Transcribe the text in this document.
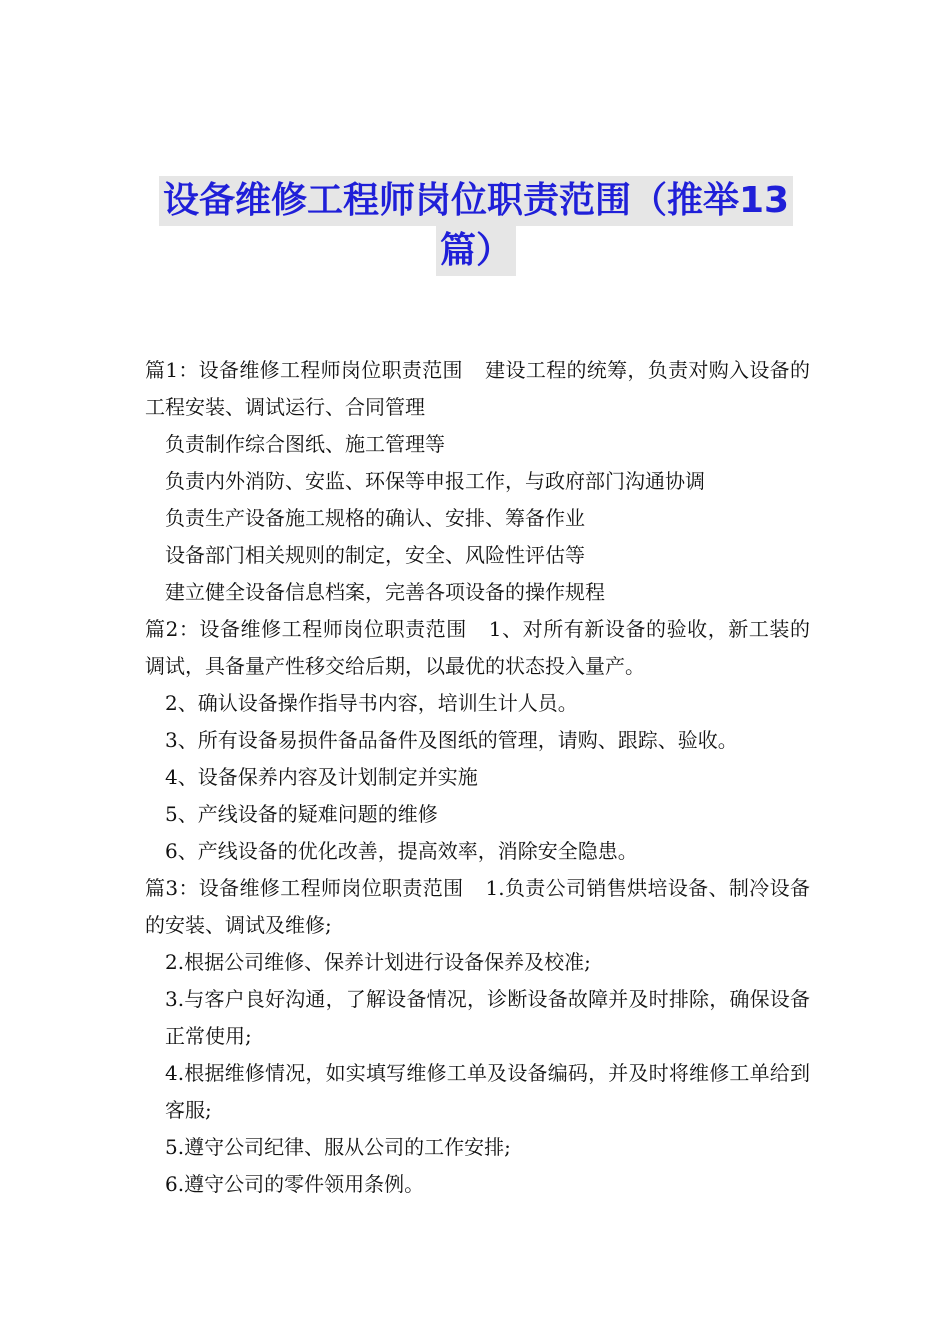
设备维修工程师岗位职责范围（推举13
篇）

篇1：设备维修工程师岗位职责范围 建设工程的统筹，负责对购入设备的工程安装、调试运行、合同管理

负责制作综合图纸、施工管理等

负责内外消防、安监、环保等申报工作，与政府部门沟通协调

负责生产设备施工规格的确认、安排、筹备作业

设备部门相关规则的制定，安全、风险性评估等

建立健全设备信息档案，完善各项设备的操作规程

篇2：设备维修工程师岗位职责范围 1、对所有新设备的验收，新工装的调试，具备量产性移交给后期，以最优的状态投入量产。

2、确认设备操作指导书内容，培训生计人员。

3、所有设备易损件备品备件及图纸的管理，请购、跟踪、验收。

4、设备保养内容及计划制定并实施

5、产线设备的疑难问题的维修

6、产线设备的优化改善，提高效率，消除安全隐患。

篇3：设备维修工程师岗位职责范围 1.负责公司销售烘培设备、制冷设备的安装、调试及维修;

2.根据公司维修、保养计划进行设备保养及校准;

3.与客户良好沟通，了解设备情况，诊断设备故障并及时排除，确保设备正常使用;

4.根据维修情况，如实填写维修工单及设备编码，并及时将维修工单给到客服;

5.遵守公司纪律、服从公司的工作安排;

6.遵守公司的零件领用条例。
